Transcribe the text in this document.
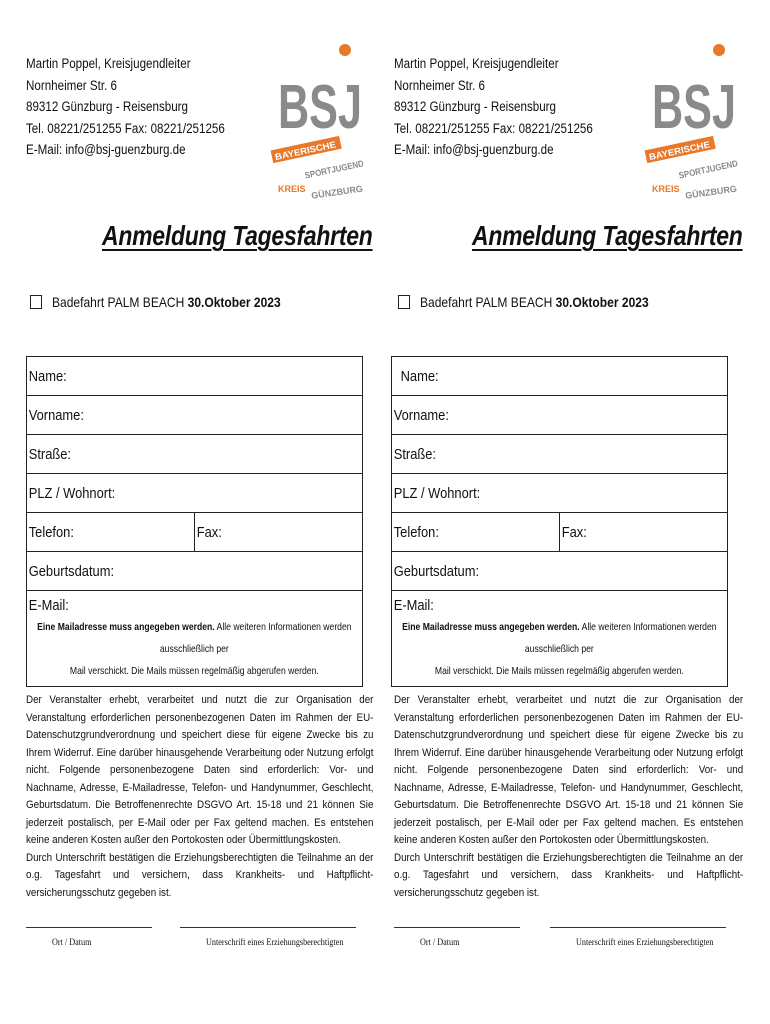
Martin Poppel, Kreisjugendleiter
Nornheimer Str. 6
89312 Günzburg - Reisensburg
Tel. 08221/251255 Fax: 08221/251256
E-Mail: info@bsj-guenzburg.de
BSJ
BAYERISCHE
SPORTJUGEND
KREIS GÜNZBURG
Anmeldung Tagesfahrten
Badefahrt PALM BEACH 30.Oktober 2023
Name:
Vorname:
Straße:
PLZ / Wohnort:
Telefon:	Fax:
Geburtsdatum:
E-Mail:
Eine Mailadresse muss angegeben werden. Alle weiteren Informationen werden ausschließlich per
Mail verschickt. Die Mails müssen regelmäßig abgerufen werden.

Der Veranstalter erhebt, verarbeitet und nutzt die zur Organisation der Veranstaltung erforderlichen personenbezogenen Daten im Rahmen der EU-Datenschutzgrundverordnung und speichert diese für eigene Zwecke bis zu Ihrem Widerruf. Eine darüber hinausgehende Verarbeitung oder Nutzung erfolgt nicht. Folgende personenbezogene Daten sind erforderlich: Vor- und Nachname, Adresse, E-Mailadresse, Telefon- und Handynummer, Geschlecht, Geburtsdatum. Die Betroffenenrechte DSGVO Art. 15-18 und 21 können Sie jederzeit postalisch, per E-Mail oder per Fax geltend machen. Es entstehen keine anderen Kosten außer den Portokosten oder Übermittlungskosten.

Durch Unterschrift bestätigen die Erziehungsberechtigten die Teilnahme an der o.g. Tagesfahrt und versichern, dass Krankheits- und Haftpflicht-versicherungsschutz gegeben ist.

Ort / Datum	Unterschrift eines Erziehungsberechtigten
Martin Poppel, Kreisjugendleiter
Nornheimer Str. 6
89312 Günzburg - Reisensburg
Tel. 08221/251255 Fax: 08221/251256
E-Mail: info@bsj-guenzburg.de
BSJ
BAYERISCHE
SPORTJUGEND
KREIS GÜNZBURG
Anmeldung Tagesfahrten
Badefahrt PALM BEACH 30.Oktober 2023
Name:
Vorname:
Straße:
PLZ / Wohnort:
Telefon:	Fax:
Geburtsdatum:
E-Mail:
Eine Mailadresse muss angegeben werden. Alle weiteren Informationen werden ausschließlich per
Mail verschickt. Die Mails müssen regelmäßig abgerufen werden.

Der Veranstalter erhebt, verarbeitet und nutzt die zur Organisation der Veranstaltung erforderlichen personenbezogenen Daten im Rahmen der EU-Datenschutzgrundverordnung und speichert diese für eigene Zwecke bis zu Ihrem Widerruf. Eine darüber hinausgehende Verarbeitung oder Nutzung erfolgt nicht. Folgende personenbezogene Daten sind erforderlich: Vor- und Nachname, Adresse, E-Mailadresse, Telefon- und Handynummer, Geschlecht, Geburtsdatum. Die Betroffenenrechte DSGVO Art. 15-18 und 21 können Sie jederzeit postalisch, per E-Mail oder per Fax geltend machen. Es entstehen keine anderen Kosten außer den Portokosten oder Übermittlungskosten.

Durch Unterschrift bestätigen die Erziehungsberechtigten die Teilnahme an der o.g. Tagesfahrt und versichern, dass Krankheits- und Haftpflicht-versicherungsschutz gegeben ist.

Ort / Datum	Unterschrift eines Erziehungsberechtigten
